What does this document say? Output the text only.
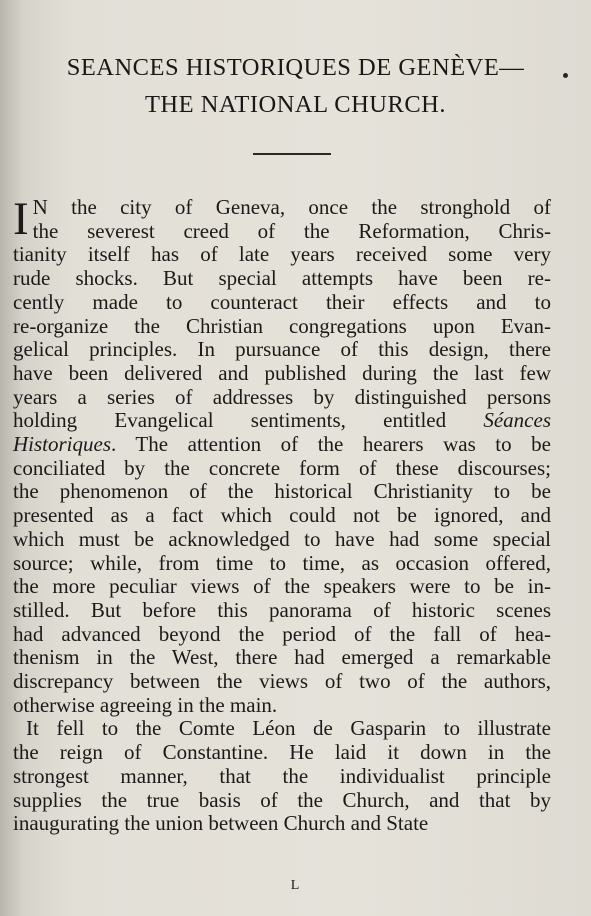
SEANCES HISTORIQUES DE GENÈVE—
THE NATIONAL CHURCH.
I N the city of Geneva, once the stronghold of
the severest creed of the Reformation, Chris-
tianity itself has of late years received some very
rude shocks. But special attempts have been re-
cently made to counteract their effects and to
re-organize the Christian congregations upon Evan-
gelical principles. In pursuance of this design, there
have been delivered and published during the last few
years a series of addresses by distinguished persons
holding Evangelical sentiments, entitled Séances
Historiques. The attention of the hearers was to be
conciliated by the concrete form of these discourses;
the phenomenon of the historical Christianity to be
presented as a fact which could not be ignored, and
which must be acknowledged to have had some special
source; while, from time to time, as occasion offered,
the more peculiar views of the speakers were to be in-
stilled. But before this panorama of historic scenes
had advanced beyond the period of the fall of hea-
thenism in the West, there had emerged a remarkable
discrepancy between the views of two of the authors,
otherwise agreeing in the main.
It fell to the Comte Léon de Gasparin to illustrate
the reign of Constantine. He laid it down in the
strongest manner, that the individualist principle
supplies the true basis of the Church, and that by
inaugurating the union between Church and State
L
